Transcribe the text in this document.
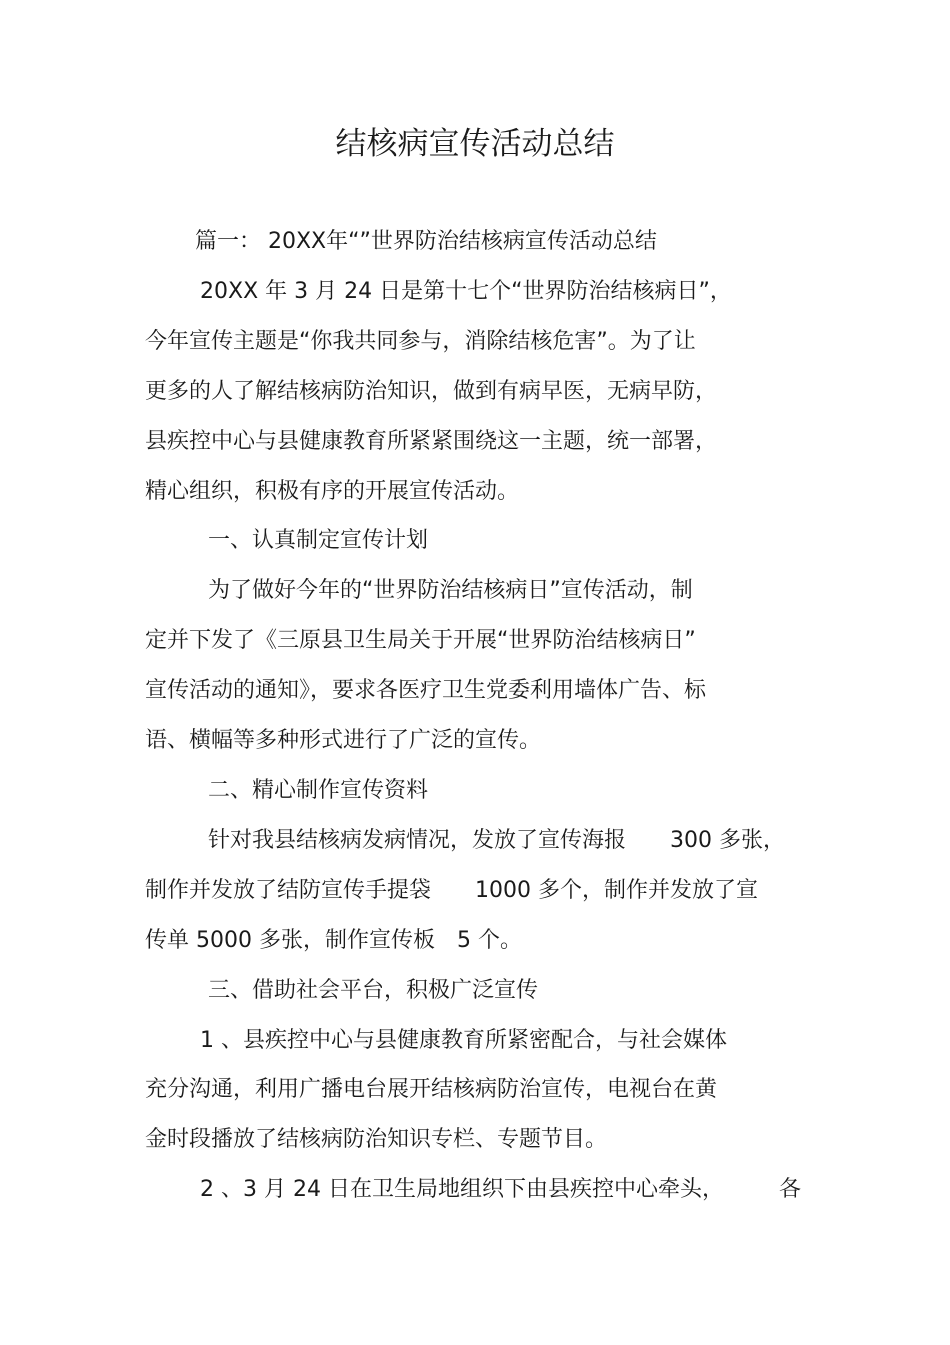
结核病宣传活动总结
篇一： 20XX年“”世界防治结核病宣传活动总结
20XX 年 3 月 24 日是第十七个“世界防治结核病日”，
今年宣传主题是“你我共同参与，消除结核危害”。为了让
更多的人了解结核病防治知识，做到有病早医，无病早防，
县疾控中心与县健康教育所紧紧围绕这一主题，统一部署，
精心组织，积极有序的开展宣传活动。
一、认真制定宣传计划
为了做好今年的“世界防治结核病日”宣传活动，制
定并下发了《三原县卫生局关于开展“世界防治结核病日”
宣传活动的通知》，要求各医疗卫生党委利用墙体广告、标
语、横幅等多种形式进行了广泛的宣传。
二、精心制作宣传资料
针对我县结核病发病情况，发放了宣传海报　　300 多张，
制作并发放了结防宣传手提袋　　1000 多个，制作并发放了宣
传单 5000 多张，制作宣传板　5 个。
三、借助社会平台，积极广泛宣传
1 、县疾控中心与县健康教育所紧密配合，与社会媒体
充分沟通，利用广播电台展开结核病防治宣传，电视台在黄
金时段播放了结核病防治知识专栏、专题节目。
2 、3 月 24 日在卫生局地组织下由县疾控中心牵头，　　　各
